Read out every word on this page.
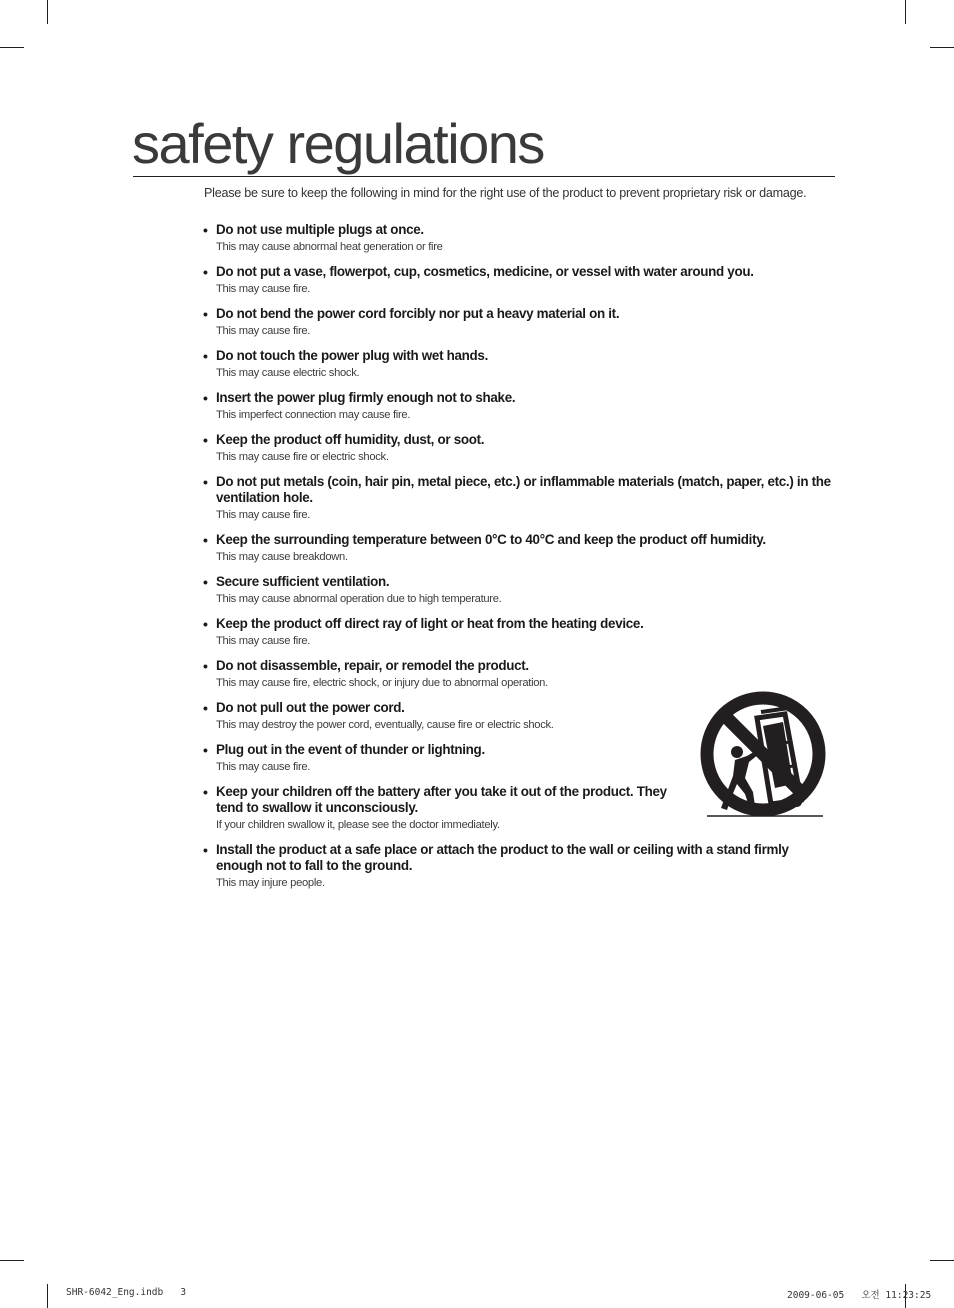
safety regulations

Please be sure to keep the following in mind for the right use of the product to prevent proprietary risk or damage.

• Do not use multiple plugs at once.
This may cause abnormal heat generation or fire
• Do not put a vase, flowerpot, cup, cosmetics, medicine, or vessel with water around you.
This may cause fire.
• Do not bend the power cord forcibly nor put a heavy material on it.
This may cause fire.
• Do not touch the power plug with wet hands.
This may cause electric shock.
• Insert the power plug firmly enough not to shake.
This imperfect connection may cause fire.
• Keep the product off humidity, dust, or soot.
This may cause fire or electric shock.
• Do not put metals (coin, hair pin, metal piece, etc.) or inflammable materials (match, paper, etc.) in the ventilation hole.
This may cause fire.
• Keep the surrounding temperature between 0°C to 40°C and keep the product off humidity.
This may cause breakdown.
• Secure sufficient ventilation.
This may cause abnormal operation due to high temperature.
• Keep the product off direct ray of light or heat from the heating device.
This may cause fire.
• Do not disassemble, repair, or remodel the product.
This may cause fire, electric shock, or injury due to abnormal operation.
• Do not pull out the power cord.
This may destroy the power cord, eventually, cause fire or electric shock.
• Plug out in the event of thunder or lightning.
This may cause fire.
• Keep your children off the battery after you take it out of the product. They tend to swallow it unconsciously.
If your children swallow it, please see the doctor immediately.
• Install the product at a safe place or attach the product to the wall or ceiling with a stand firmly enough not to fall to the ground.
This may injure people.
SHR-6042_Eng.indb   3	2009-06-05   오전 11:23:25
